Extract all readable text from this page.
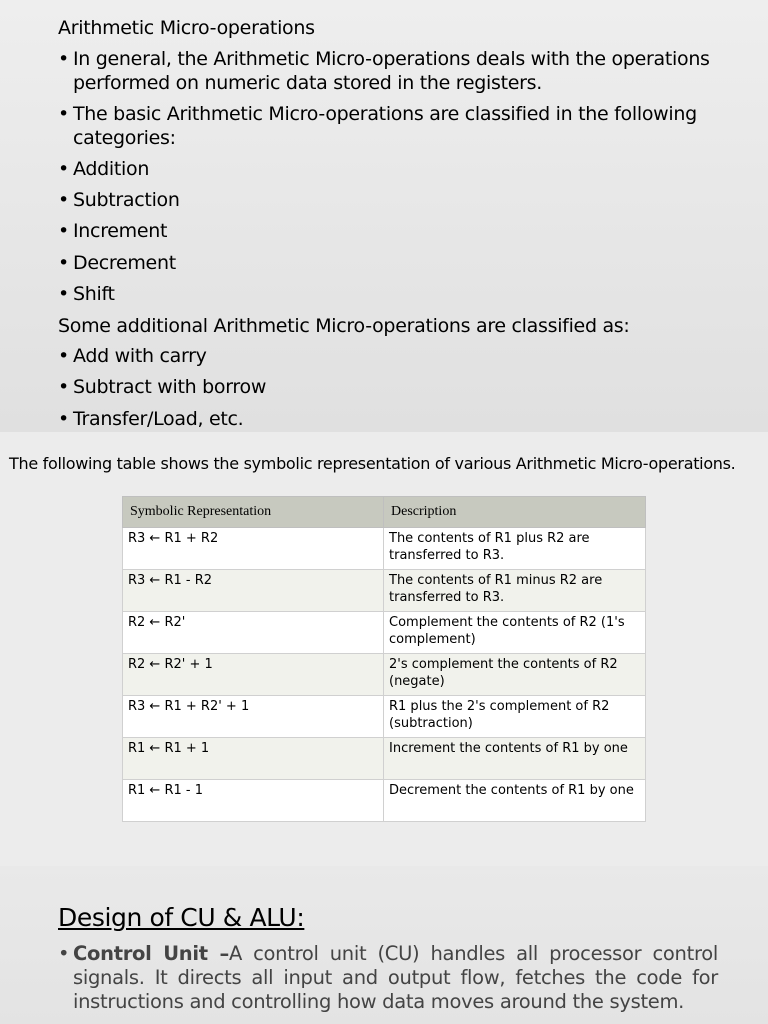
Arithmetic Micro-operations
• In general, the Arithmetic Micro-operations deals with the operations performed on numeric data stored in the registers.
• The basic Arithmetic Micro-operations are classified in the following categories:
• Addition
• Subtraction
• Increment
• Decrement
• Shift
Some additional Arithmetic Micro-operations are classified as:
• Add with carry
• Subtract with borrow
• Transfer/Load, etc.
The following table shows the symbolic representation of various Arithmetic Micro-operations.
Symbolic Representation	Description
R3 ← R1 + R2	The contents of R1 plus R2 are transferred to R3.
R3 ← R1 - R2	The contents of R1 minus R2 are transferred to R3.
R2 ← R2'	Complement the contents of R2 (1's complement)
R2 ← R2' + 1	2's complement the contents of R2 (negate)
R3 ← R1 + R2' + 1	R1 plus the 2's complement of R2 (subtraction)
R1 ← R1 + 1	Increment the contents of R1 by one
R1 ← R1 - 1	Decrement the contents of R1 by one
Design of CU & ALU:
• Control Unit –A control unit (CU) handles all processor control signals. It directs all input and output flow, fetches the code for instructions and controlling how data moves around the system.
